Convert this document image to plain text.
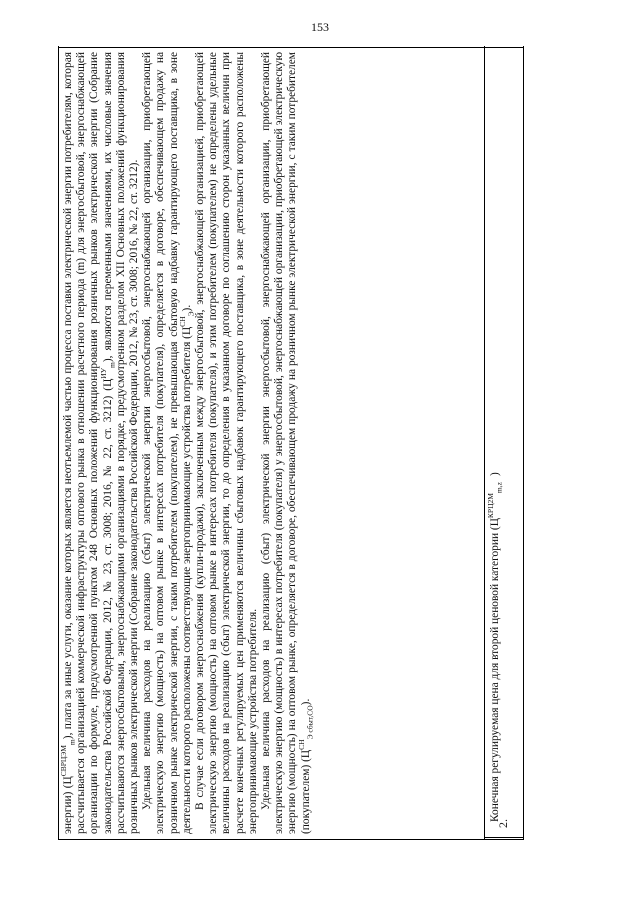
153

энергии) $(Ц^{СВРЦЭМ}_m)$, плата за иные услуги, оказание которых является неотъемлемой частью процесса поставки электрической энергии потребителям, которая рассчитывается организацией коммерческой инфраструктуры оптового рынка в отношении расчетного периода (m) для энергосбытовой, энергоснабжающей организации по формуле, предусмотренной пунктом 248 Основных положений функционирования розничных рынков электрической энергии (Собрание законодательства Российской Федерации, 2012, № 23, ст. 3008; 2016, № 22, ст. 3212) $(Ц^{ИУ}_m)$, являются переменными значениями, их числовые значения рассчитываются энергосбытовыми, энергоснабжающими организациями в порядке, предусмотренном разделом XII Основных положений функционирования розничных рынков электрической энергии (Собрание законодательства Российской Федерации, 2012, № 23, ст. 3008; 2016, № 22, ст. 3212). Удельная величина расходов на реализацию (сбыт) электрической энергии энергосбытовой, энергоснабжающей организации, приобретающей электрическую энергию (мощность) на оптовом рынке в интересах потребителя (покупателя), определяется в договоре, обеспечивающем продажу на розничном рынке электрической энергии, с таким потребителем (покупателем), не превышающая сбытовую надбавку гарантирующего поставщика, в зоне деятельности которого расположены соответствующие энергопринимающие устройства потребителя $(Ц^{СН}_Э)$. В случае если договором энергоснабжения (купли-продажи), заключенным между энергосбытовой, энергоснабжающей организацией, приобретающей электрическую энергию (мощность) на оптовом рынке в интересах потребителя (покупателя), и этим потребителем (покупателем) не определены удельные величины расходов на реализацию (сбыт) электрической энергии, то до определения в указанном договоре по соглашению сторон указанных величин при расчете конечных регулируемых цен применяются величины сбытовых надбавок гарантирующего поставщика, в зоне деятельности которого расположены энергопринимающие устройства потребителя. Удельная величина расходов на реализацию (сбыт) электрической энергии энергосбытовой, энергоснабжающей организации, приобретающей электрическую энергию (мощность) в интересах потребителя (покупателя) у энергосбытовой, энергоснабжающей организации, приобретающей электрическую энергию (мощность) на оптовом рынке, определяется в договоре, обеспечивающем продажу на розничном рынке электрической энергии, с таким потребителем (покупателем) $(Ц^{СН}_{Э сбыт,СО})$.	Конечная регулируемая цена для второй ценовой категории $(Ц^{КРЦ2М}_{m,z})$
2.
